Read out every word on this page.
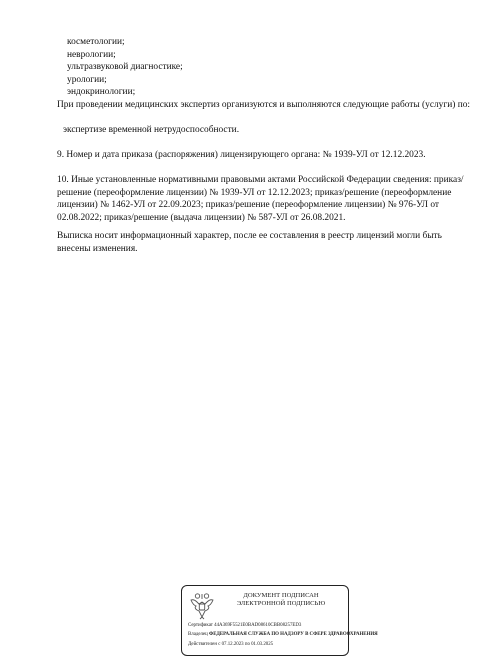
косметологии;
неврологии;
ультразвуковой диагностике;
урологии;
эндокринологии;
При проведении медицинских экспертиз организуются и выполняются следующие работы (услуги) по:
экспертизе временной нетрудоспособности.
9. Номер и дата приказа (распоряжения) лицензирующего органа: № 1939-УЛ от 12.12.2023.
10. Иные установленные нормативными правовыми актами Российской Федерации сведения: приказ/решение (переоформление лицензии) № 1939-УЛ от 12.12.2023; приказ/решение (переоформление лицензии) № 1462-УЛ от 22.09.2023; приказ/решение (переоформление лицензии) № 976-УЛ от 02.08.2022; приказ/решение (выдача лицензии) № 587-УЛ от 26.08.2021.
Выписка носит информационный характер, после ее составления в реестр лицензий могли быть внесены изменения.
ДОКУМЕНТ ПОДПИСАН
ЭЛЕКТРОННОЙ ПОДПИСЬЮ
Сертификат 44A369F5521E0BAD08610CBB08257ED3
Владелец ФЕДЕРАЛЬНАЯ СЛУЖБА ПО НАДЗОРУ В СФЕРЕ ЗДРАВООХРАНЕНИЯ
Действителен с 07.12.2023 по 01.03.2025
